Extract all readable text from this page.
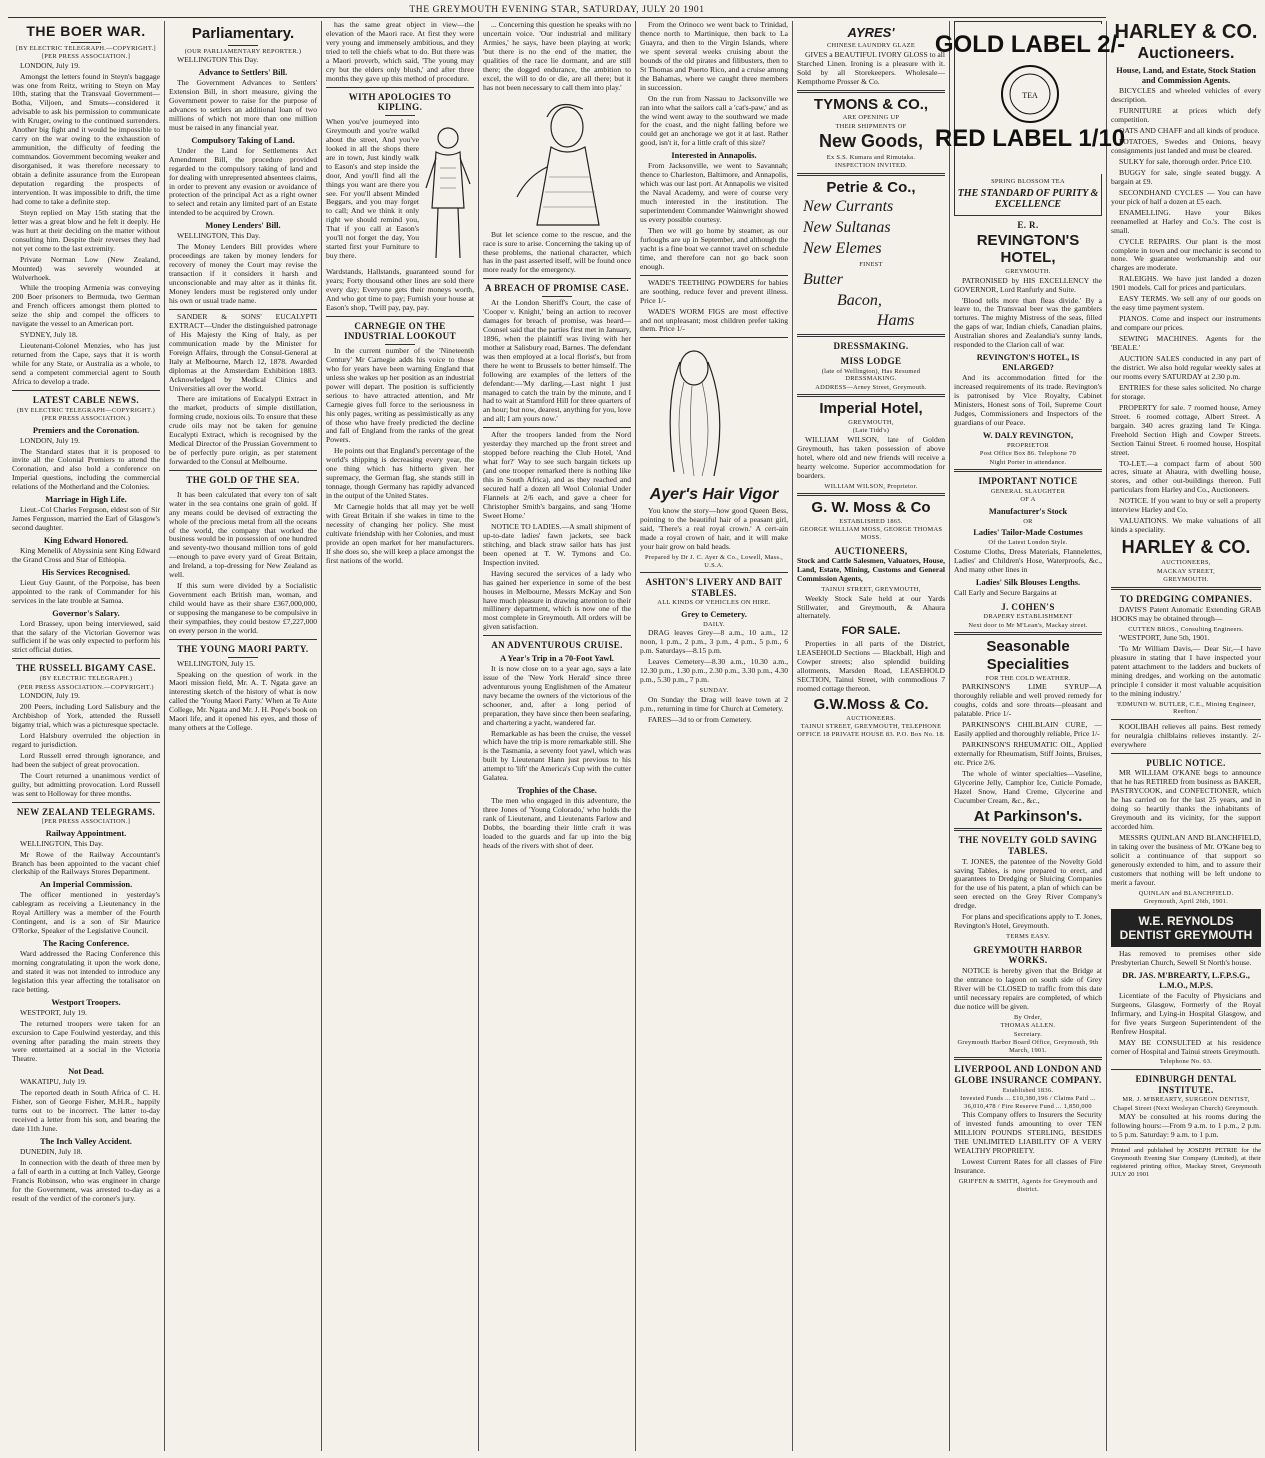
THE GREYMOUTH EVENING STAR, SATURDAY, JULY 20 1901
THE BOER WAR.
[BY ELECTRIC TELEGRAPH.—COPYRIGHT.]
[PER PRESS ASSOCIATION.]

LONDON, July 19.

Amongst the letters found in Steyn's baggage was one from Reitz, writing to Steyn on May 10th, stating that the Transvaal Government—Botha, Viljoen, and Smuts—considered it advisable to ask his permission to communicate with Kruger, owing to the continued surrenders. Another big fight and it would be impossible to carry on the war owing to the exhaustion of ammunition, the difficulty of feeding the commandos. Government becoming weaker and disorganised, it was therefore necessary to obtain a definite assurance from the European deputation regarding the prospects of intervention. It was impossible to drift, the time had come to take a definite step.

Steyn replied on May 15th stating that the letter was a great blow and he felt it deeply. He was hurt at their deciding on the matter without consulting him. Despite their reverses they had not yet come to the last extremity.

Private Norman Low (New Zealand, Mounted) was severely wounded at Wolverhoek.

While the trooping Armenia was conveying 200 Boer prisoners to Bermuda, two German and French officers amongst them plotted to seize the ship and compel the officers to navigate the vessel to an American port.

SYDNEY, July 18.

Lieutenant-Colonel Menzies, who has just returned from the Cape, says that it is worth while for any State, or Australia as a whole, to send a competent commercial agent to South Africa to develop a trade.

LATEST CABLE NEWS.
(BY ELECTRIC TELEGRAPH—COPYRIGHT.)
(PER PRESS ASSOCIATION.)
Premiers and the Coronation.

LONDON, July 19.

The Standard states that it is proposed to invite all the Colonial Premiers to attend the Coronation, and also hold a conference on Imperial questions, including the commercial relations of the Motherland and the Colonies.

Marriage in High Life.

Lieut.-Col Charles Ferguson, eldest son of Sir James Fergusson, married the Earl of Glasgow's second daughter.

King Edward Honored.

King Menelik of Abyssinia sent King Edward the Grand Cross and Star of Ethiopia.

His Services Recognised.

Lieut Guy Gaunt, of the Porpoise, has been appointed to the rank of Commander for his services in the late trouble at Samoa.

Governor's Salary.

Lord Brassey, upon being interviewed, said that the salary of the Victorian Governor was sufficient if he was only expected to perform his strict official duties.

THE RUSSELL BIGAMY CASE.
(BY ELECTRIC TELEGRAPH.)
(PER PRESS ASSOCIATION.—COPYRIGHT.)

LONDON, July 19.

200 Peers, including Lord Salisbury and the Archbishop of York, attended the Russell bigamy trial, which was a picturesque spectacle.

Lord Halsbury overruled the objection in regard to jurisdiction.

Lord Russell erred through ignorance, and had been the subject of great provocation.

The Court returned a unanimous verdict of guilty, but admitting provocation. Lord Russell was sent to Holloway for three months.

NEW ZEALAND TELEGRAMS.
[PER PRESS ASSOCIATION.]
Railway Appointment.

WELLINGTON, This Day.

Mr Rowe of the Railway Accountant's Branch has been appointed to the vacant chief clerkship of the Railways Stores Department.

An Imperial Commission.

The officer mentioned in yesterday's cablegram as receiving a Lieutenancy in the Royal Artillery was a member of the Fourth Contingent, and is a son of Sir Maurice O'Rorke, Speaker of the Legislative Council.

The Racing Conference.

Ward addressed the Racing Conference this morning congratulating it upon the work done, and stated it was not intended to introduce any legislation this year affecting the totalisator on race betting.

Westport Troopers.

WESTPORT, July 19.

The returned troopers were taken for an excursion to Cape Foulwind yesterday, and this evening after parading the main streets they were entertained at a social in the Victoria Theatre.

Not Dead.

WAKATIPU, July 19.

The reported death in South Africa of C. H. Fisher, son of George Fisher, M.H.R., happily turns out to be incorrect. The latter to-day received a letter from his son, and bearing the date 11th June.

The Inch Valley Accident.

DUNEDIN, July 18.

In connection with the death of three men by a fall of earth in a cutting at Inch Valley, George Francis Robinson, who was engineer in charge for the Government, was arrested to-day as a result of the verdict of the coroner's jury.

Parliamentary.
(OUR PARLIAMENTARY REPORTER.)

WELLINGTON This Day.

Advance to Settlers' Bill.

The Government Advances to Settlers' Extension Bill, in short measure, giving the Government power to raise for the purpose of advances to settlers an additional loan of two millions of which not more than one million must be raised in any financial year.

Compulsory Taking of Land.

Under the Land for Settlements Act Amendment Bill, the procedure provided regarded to the compulsory taking of land and for dealing with unrepresented absentees claims, in order to prevent any evasion or avoidance of protection of the principal Act as a right owner to select and retain any limited part of an Estate intended to be acquired by Crown.

Money Lenders' Bill.

WELLINGTON, This Day.

The Money Lenders Bill provides where proceedings are taken by money lenders for recovery of money the Court may revise the transaction if it considers it harsh and unconscionable and may alter as it thinks fit. Money lenders must be registered only under his own or usual trade name.

SANDER & SONS' EUCALYPTI EXTRACT—Under the distinguished patronage of His Majesty the King of Italy, as per communication made by the Minister for Foreign Affairs, through the Consul-General at Italy at Melbourne, March 12, 1878. Awarded diplomas at the Amsterdam Exhibition 1883. Acknowledged by Medical Clinics and Universities all over the world.

There are imitations of Eucalypti Extract in the market, products of simple distillation, forming crude, noxious oils. To ensure that these crude oils may not be taken for genuine Eucalypti Extract, which is recognised by the Medical Director of the Prussian Government to be of perfectly pure origin, as per statement forwarded to the Consul at Melbourne.

THE GOLD OF THE SEA.

It has been calculated that every ton of salt water in the sea contains one grain of gold. If any means could be devised of extracting the whole of the precious metal from all the oceans of the world, the company that worked the business would be in possession of one hundred and seventy-two thousand million tons of gold—enough to pave every yard of Great Britain, and Ireland, a top-dressing for New Zealand as well.

If this sum were divided by a Socialistic Government each British man, woman, and child would have as their share £367,000,000, or supposing the manganese to be compulsive in their sympathies, they could bestow £7,227,000 on every person in the world.

THE YOUNG MAORI PARTY.

WELLINGTON, July 15.

Speaking on the question of work in the Maori mission field, Mr. A. T. Ngata gave an interesting sketch of the history of what is now called the 'Young Maori Party.' When at Te Aute College, Mr. Ngata and Mr. J. H. Pope's book on Maori life, and it opened his eyes, and those of many others at the College.

has the same great object in view—the elevation of the Maori race. At first they were very young and immensely ambitious, and they tried to tell the chiefs what to do. But there was a Maori proverb, which said, 'The young may cry but the elders only blush,' and after three months they gave up this method of procedure.

WITH APOLOGIES TO KIPLING.

When you've journeyed into Greymouth and you're walkd about the street, And you've looked in all the shops there are in town, Just kindly walk to Eason's and step inside the door, And you'll find all the things you want are there you see. For you'll absent Minded Beggars, and you may forget to call; And we think it only right we should remind you, That if you call at Eason's you'll not forget the day, You started first your Furniture to buy there.

Wardstands, Hallstands, guaranteed sound for years; Forty thousand other lines are sold there every day; Everyone gets their moneys worth, And who got time to pay; Furnish your house at Eason's shop, 'Twill pay, pay, pay.

CARNEGIE ON THE INDUSTRIAL LOOKOUT

In the current number of the 'Nineteenth Century' Mr Carnegie adds his voice to those who for years have been warning England that unless she wakes up her position as an industrial power will depart. The position is sufficiently serious to have attracted attention, and Mr Carnegie gives full force to the seriousness in his only pages, writing as pessimistically as any of those who have freely predicted the decline and fall of England from the ranks of the great Powers.

He points out that England's percentage of the world's shipping is decreasing every year, the one thing which has hitherto given her supremacy, the German flag, she stands still in tonnage, though Germany has rapidly advanced in the output of the United States.

Mr Carnegie holds that all may yet be well with Great Britain if she wakes in time to the necessity of changing her policy. She must cultivate friendship with her Colonies, and must provide an open market for her manufacturers. If she does so, she will keep a place amongst the first nations of the world.

... Concerning this question he speaks with no uncertain voice. 'Our industrial and military Armies,' he says, have been playing at work; 'but there is no the end of the matter, the qualities of the race lie dormant, and are still there; the dogged endurance, the ambition to excel, the will to do or die, are all there; but it has not been necessary to call them into play.'

But let science come to the rescue, and the race is sure to arise. Concerning the taking up of these problems, the national character, which has in the past asserted itself, will be found once more ready for the emergency.

A BREACH OF PROMISE CASE.

At the London Sheriff's Court, the case of 'Cooper v. Knight,' being an action to recover damages for breach of promise, was heard—Counsel said that the parties first met in January, 1896, when the plaintiff was living with her mother at Salisbury road, Barnes. The defendant was then employed at a local florist's, but from there he went to Brussels to better himself. The following are examples of the letters of the defendant:—'My darling,—Last night I just managed to catch the train by the minute, and I had to wait at Stamford Hill for three quarters of an hour; but now, dearest, anything for you, love and all; I am yours now.'

After the troopers landed from the Nord yesterday they marched up the front street and stopped before reaching the Club Hotel, 'And what for?' Way to see such bargain tickets up (and one trooper remarked there is nothing like this in South Africa), and as they reached and secured half a dozen all Wool Colonial Under Flannels at 2/6 each, and gave a cheer for Christopher Smith's bargains, and sang 'Home Sweet Home.'

NOTICE TO LADIES.—A small shipment of up-to-date ladies' fawn jackets, see back stitching, and black straw sailor hats has just been opened at T. W. Tymons and Co. Inspection invited.

Having secured the services of a lady who has gained her experience in some of the best houses in Melbourne, Messrs McKay and Son have much pleasure in drawing attention to their millinery department, which is now one of the most complete in Greymouth. All orders will be given satisfaction.

AN ADVENTUROUS CRUISE.
A Year's Trip in a 70-Foot Yawl.

It is now close on to a year ago, says a late issue of the 'New York Herald' since three adventurous young Englishmen of the Amateur navy became the owners of the victorious of the schooner, and, after a long period of preparation, they have since then been seafaring, and chartering a yacht, wandered far.

Remarkable as has been the cruise, the vessel which have the trip is more remarkable still. She is the Tasmania, a seventy foot yawl, which was built by Lieutenant Hann just previous to his attempt to 'lift' the America's Cup with the cutter Galatea.

Trophies of the Chase.

The men who engaged in this adventure, the three Jones of 'Young Colorado,' who holds the rank of Lieutenant, and Lieutenants Farlow and Dobbs, the boarding their little craft it was loaded to the guards and far up into the big heads of the rivers with shot of deer.

From the Orinoco we went back to Trinidad, thence north to Martinique, then back to La Guayra, and then to the Virgin Islands, where we spent several weeks cruising about the bounds of the old pirates and filibusters, then to St Thomas and Puerto Rico, and a cruise among the Bahamas, where we caught three members in succession.

On the run from Nassau to Jacksonville we ran into what the sailors call a 'cat's-paw,' and as the wind went away to the southward we made for the coast, and the night falling before we could get an anchorage we got it at last. Rather good, isn't it, for a little craft of this size?

Interested in Annapolis.

From Jacksonville, we went to Savannah; thence to Charleston, Baltimore, and Annapolis, which was our last port. At Annapolis we visited the Naval Academy, and were of course very much interested in the institution. The superintendent Commander Wainwright showed us every possible courtesy.

Then we will go home by steamer, as our furloughs are up in September, and although the yacht is a fine boat we cannot travel on schedule time, and therefore can not go back soon enough.

WADE'S TEETHING POWDERS for babies are soothing, reduce fever and prevent illness. Price 1/-

WADE'S WORM FIGS are most effective and not unpleasant; most children prefer taking them. Price 1/-

Ayer's Hair Vigor

You know the story—how good Queen Bess, pointing to the beautiful hair of a peasant girl, said, 'There's a real royal crown.' A cert-ain made a royal crown of hair, and it will make your hair grow on bald heads.

Prepared by Dr J. C. Ayer & Co., Lowell, Mass., U.S.A.
ASHTON'S LIVERY AND BAIT STABLES.
ALL KINDS OF VEHICLES ON HIRE.
Grey to Cemetery.
DAILY.

DRAG leaves Grey—8 a.m., 10 a.m., 12 noon, 1 p.m., 2 p.m., 3 p.m., 4 p.m., 5 p.m., 6 p.m. Saturdays—8.15 p.m.

Leaves Cemetery—8.30 a.m., 10.30 a.m., 12.30 p.m., 1.30 p.m., 2.30 p.m., 3.30 p.m., 4.30 p.m., 5.30 p.m., 7 p.m.

SUNDAY.

On Sunday the Drag will leave town at 2 p.m., returning in time for Church at Cemetery.

FARES—3d to or from Cemetery.

AYRES'
CHINESE LAUNDRY GLAZE

GIVES a BEAUTIFUL IVORY GLOSS to all Starched Linen. Ironing is a pleasure with it. Sold by all Storekeepers. Wholesale—Kempthorne Prosser & Co.

TYMONS & CO.,
ARE OPENING UP
THEIR SHIPMENTS OF
New Goods,
Ex S.S. Kumara and Rimutaka.
INSPECTION INVITED.
Petrie & Co.,
New Currants
New Sultanas
New Elemes
FINEST
Butter
Bacon,
Hams
DRESSMAKING.
MISS LODGE
(late of Wellington), Has Resumed DRESSMAKING.
ADDRESS—Arney Street, Greymouth.
Imperial Hotel,
GREYMOUTH,
(Late Tidd's)

WILLIAM WILSON, late of Golden Greymouth, has taken possession of above hotel, where old and new friends will receive a hearty welcome. Superior accommodation for boarders.

WILLIAM WILSON, Proprietor.
G. W. Moss & Co
ESTABLISHED 1865.
GEORGE WILLIAM MOSS, GEORGE THOMAS MOSS.
AUCTIONEERS,

Stock and Cattle Salesmen, Valuators, House, Land, Estate, Mining, Customs and General Commission Agents,

TAINUI STREET, GREYMOUTH,

Weekly Stock Sale held at our Yards Stillwater, and Greymouth, & Ahaura alternately.

FOR SALE.

Properties in all parts of the District, LEASEHOLD Sections — Blackball, High and Cowper streets; also splendid building allotments, Marsden Road, LEASEHOLD SECTION, Tainui Street, with commodious 7 roomed cottage thereon.

G.W.Moss & Co.
AUCTIONEERS.
TAINUI STREET, GREYMOUTH, TELEPHONE OFFICE 18 PRIVATE HOUSE 83. P.O. Box No. 18.
GOLD LABEL 2/-
TEA
RED LABEL 1/10
SPRING BLOSSOM TEA
THE STANDARD OF PURITY & EXCELLENCE
E. R.
REVINGTON'S HOTEL,
GREYMOUTH.

PATRONISED by HIS EXCELLENCY the GOVERNOR, Lord Ranfurly and Suite.

'Blood tells more than fleas divide.' By a leave to, the Transvaal beer was the gamblers tortures. The mighty Mistress of the seas, filled the gaps of war, Indian chiefs, Canadian plains, Australian shores and Zealandia's sunny lands, responded to the Clarion call of war.

REVINGTON'S HOTEL, IS ENLARGED?

And its accommodation fitted for the increased requirements of its trade. Revington's is patronised by Vice Royalty, Cabinet Ministers, Honest sons of Toil, Supreme Court Judges, Commissioners and Inspectors of the guardians of our Peace.

W. DALY REVINGTON,
PROPRIETOR
Post Office Box 86. Telephone 70
Night Porter in attendance.
IMPORTANT NOTICE
GENERAL SLAUGHTER
OF A
Manufacturer's Stock
OR
Ladies' Tailor-Made Costumes
Of the Latest London Style.

Costume Cloths, Dress Materials, Flannelettes, Ladies' and Children's Hose, Waterproofs, &c., And many other lines in

Ladies' Silk Blouses Lengths.

Call Early and Secure Bargains at

J. COHEN'S
DRAPERY ESTABLISHMENT
Next door to Mr M'Lean's, Mackay street.
Seasonable Specialities
FOR THE COLD WEATHER.

PARKINSON'S LIME SYRUP—A thoroughly reliable and well proved remedy for coughs, colds and sore throats—pleasant and palatable. Price 1/-

PARKINSON'S CHILBLAIN CURE, —Easily applied and thoroughly reliable, Price 1/-

PARKINSON'S RHEUMATIC OIL, Applied externally for Rheumatism, Stiff Joints, Bruises, etc. Price 2/6.

The whole of winter specialties—Vaseline, Glycerine Jelly, Camphor Ice, Cuticle Pomade, Hazel Snow, Hand Creme, Glycerine and Cucumber Cream, &c., &c.,

At Parkinson's.
THE NOVELTY GOLD SAVING TABLES.

T. JONES, the patentee of the Novelty Gold saving Tables, is now prepared to erect, and guarantees to Dredging or Sluicing Companies for the use of his patent, a plan of which can be seen erected on the Grey River Company's dredge.

For plans and specifications apply to T. Jones, Revington's Hotel, Greymouth.

TERMS EASY.
GREYMOUTH HARBOR WORKS.

NOTICE is hereby given that the Bridge at the entrance to lagoon on south side of Grey River will be CLOSED to traffic from this date until necessary repairs are completed, of which due notice will be given.

By Order,
THOMAS ALLEN.
Secretary.
Greymouth Harbor Board Office, Greymouth, 9th March, 1901.
LIVERPOOL AND LONDON AND GLOBE INSURANCE COMPANY.
Established 1836.
Invested Funds ... £10,380,196 / Claims Paid ... 36,010,478 / Fire Reserve Fund ... 1,850,000

This Company offers to Insurers the Security of invested funds amounting to over TEN MILLION POUNDS STERLING, BESIDES THE UNLIMITED LIABILITY OF A VERY WEALTHY PROPRIETY.

Lowest Current Rates for all classes of Fire Insurance.

GRIFFEN & SMITH, Agents for Greymouth and district.
HARLEY & CO.
Auctioneers.
House, Land, and Estate, Stock Station and Commission Agents.

BICYCLES and wheeled vehicles of every description.

FURNITURE at prices which defy competition.

OATS AND CHAFF and all kinds of produce.

POTATOES, Swedes and Onions, heavy consignments just landed and must be cleared.

SULKY for sale, thorough order. Price £10.

BUGGY for sale, single seated buggy. A bargain at £9.

SECONDHAND CYCLES — You can have your pick of half a dozen at £5 each.

ENAMELLING. Have your Bikes reenamelled at Harley and Co.'s. The cost is small.

CYCLE REPAIRS. Our plant is the most complete in town and our mechanic is second to none. We guarantee workmanship and our charges are moderate.

RALEIGHS. We have just landed a dozen 1901 models. Call for prices and particulars.

EASY TERMS. We sell any of our goods on the easy time payment system.

PIANOS. Come and inspect our instruments and compare our prices.

SEWING MACHINES. Agents for the 'BEALE.'

AUCTION SALES conducted in any part of the district. We also hold regular weekly sales at our rooms every SATURDAY at 2.30 p.m.

ENTRIES for these sales solicited. No charge for storage.

PROPERTY for sale. 7 roomed house, Arney Street. 6 roomed cottage, Albert Street. A bargain. 340 acres grazing land Te Kinga. Freehold Section High and Cowper Streets. Section Tainui Street. 6 roomed house, Hospital street.

TO-LET.—a compact farm of about 500 acres, situate at Ahaura, with dwelling house, stores, and other out-buildings thereon. Full particulars from Harley and Co., Auctioneers.

NOTICE. If you want to buy or sell a property interview Harley and Co.

VALUATIONS. We make valuations of all kinds a speciality.

HARLEY & CO.
AUCTIONEERS,
MACKAY STREET,
GREYMOUTH.
TO DREDGING COMPANIES.

DAVIS'S Patent Automatic Extending GRAB HOOKS may be obtained through—

CUTTEN BROS., Consulting Engineers.

'WESTPORT, June 5th, 1901.

'To Mr William Davis,— Dear Sir,—I have pleasure in stating that I have inspected your patent attachment to the ladders and buckets of mining dredges, and working on the automatic principle I consider it most valuable acquisition to the mining industry.'

'EDMUND W. BUTLER, C.E., Mining Engineer, Reefton.'

KOOLIBAH relieves all pains. Best remedy for neuralgia chilblains relieves instantly. 2/- everywhere

PUBLIC NOTICE.

MR WILLIAM O'KANE begs to announce that he has RETIRED from business as BAKER, PASTRYCOOK, and CONFECTIONER, which he has carried on for the last 25 years, and in doing so heartily thanks the inhabitants of Greymouth and its vicinity, for the support accorded him.

MESSRS QUINLAN AND BLANCHFIELD, in taking over the business of Mr. O'Kane beg to solicit a continuance of that support so generously extended to him, and to assure their customers that nothing will be left undone to merit a favour.

QUINLAN and BLANCHFIELD.
Greymouth, April 26th, 1901.
W.E. REYNOLDS DENTIST GREYMOUTH

Has removed to premises other side Presbyterian Church, Sewell St North's house.

DR. JAS. M'BREARTY, L.F.P.S.G., L.M.O., M.P.S.

Licentiate of the Faculty of Physicians and Surgeons, Glasgow, Formerly of the Royal Infirmary, and Lying-in Hospital Glasgow, and for five years Surgeon Superintendent of the Renfrew Hospital.

MAY BE CONSULTED at his residence corner of Hospital and Tainui streets Greymouth.

Telephone No. 63.
EDINBURGH DENTAL INSTITUTE.
MR. J. M'BREARTY, SURGEON DENTIST,
Chapel Street (Next Wesleyan Church) Greymouth.

MAY be consulted at his rooms during the following hours:—From 9 a.m. to 1 p.m., 2 p.m. to 5 p.m. Saturday: 9 a.m. to 1 p.m.

Printed and published by JOSEPH PETRIE for the Greymouth Evening Star Company (Limited), at their registered printing office, Mackay Street, Greymouth JULY 20 1901
